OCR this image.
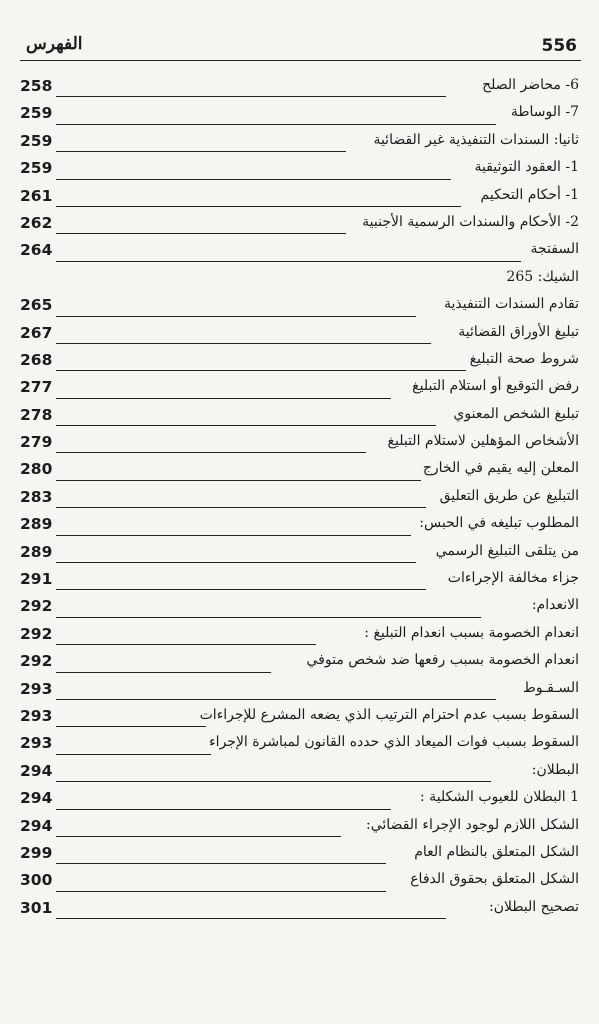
556
الفهرس
258	6- محاضر الصلح
259	7- الوساطة
259	ثانيا: السندات التنفيذية غير القضائية
259	1- العقود التوثيقية
261	1- أحكام التحكيم
262	2- الأحكام والسندات الرسمية الأجنبية
264	السفتجة
الشيك: 265
265	تقادم السندات التنفيذية
267	تبليغ الأوراق القضائية
268	شروط صحة التبليغ
277	رفض التوقيع أو استلام التبليغ
278	تبليغ الشخص المعنوي
279	الأشخاص المؤهلين لاستلام التبليغ
280	المعلن إليه يقيم في الخارج
283	التبليغ عن طريق التعليق
289	المطلوب تبليغه في الحبس:
289	من يتلقى التبليغ الرسمي
291	جزاء مخالفة الإجراءات
292	الانعدام:
292	انعدام الخصومة بسبب انعدام التبليغ :
292	انعدام الخصومة بسبب رفعها ضد شخص متوفي
293	السـقـوط
293	السقوط بسبب عدم احترام الترتيب الذي يضعه المشرع للإجراءات
293	السقوط بسبب فوات الميعاد الذي حدده القانون لمباشرة الإجراء
294	البطلان:
294	1 البطلان للعيوب الشكلية :
294	الشكل اللازم لوجود الإجراء القضائي:
299	الشكل المتعلق بالنظام العام
300	الشكل المتعلق بحقوق الدفاع
301	تصحيح البطلان:
